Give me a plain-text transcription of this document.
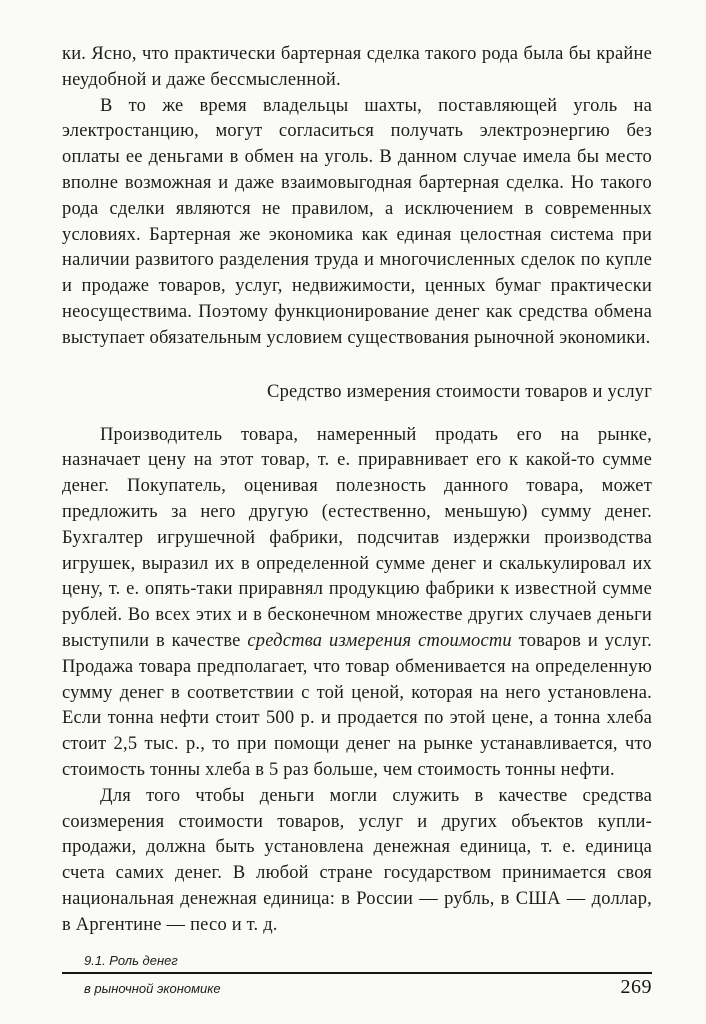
ки. Ясно, что практически бартерная сделка такого рода была бы крайне неудобной и даже бессмысленной.

В то же время владельцы шахты, поставляющей уголь на электростанцию, могут согласиться получать электроэнергию без оплаты ее деньгами в обмен на уголь. В данном случае имела бы место вполне возможная и даже взаимовыгодная бартерная сделка. Но такого рода сделки являются не правилом, а исключением в современных условиях. Бартерная же экономика как единая целостная система при наличии развитого разделения труда и многочисленных сделок по купле и продаже товаров, услуг, недвижимости, ценных бумаг практически неосуществима. Поэтому функционирование денег как средства обмена выступает обязательным условием существования рыночной экономики.

Средство измерения стоимости товаров и услуг

Производитель товара, намеренный продать его на рынке, назначает цену на этот товар, т. е. приравнивает его к какой-то сумме денег. Покупатель, оценивая полезность данного товара, может предложить за него другую (естественно, меньшую) сумму денег. Бухгалтер игрушечной фабрики, подсчитав издержки производства игрушек, выразил их в определенной сумме денег и скалькулировал их цену, т. е. опять-таки приравнял продукцию фабрики к известной сумме рублей. Во всех этих и в бесконечном множестве других случаев деньги выступили в качестве средства измерения стоимости товаров и услуг. Продажа товара предполагает, что товар обменивается на определенную сумму денег в соответствии с той ценой, которая на него установлена. Если тонна нефти стоит 500 р. и продается по этой цене, а тонна хлеба стоит 2,5 тыс. р., то при помощи денег на рынке устанавливается, что стоимость тонны хлеба в 5 раз больше, чем стоимость тонны нефти.

Для того чтобы деньги могли служить в качестве средства соизмерения стоимости товаров, услуг и других объектов купли-продажи, должна быть установлена денежная единица, т. е. единица счета самих денег. В любой стране государством принимается своя национальная денежная единица: в России — рубль, в США — доллар, в Аргентине — песо и т. д.

9.1. Роль денег
в рыночной экономике	269
